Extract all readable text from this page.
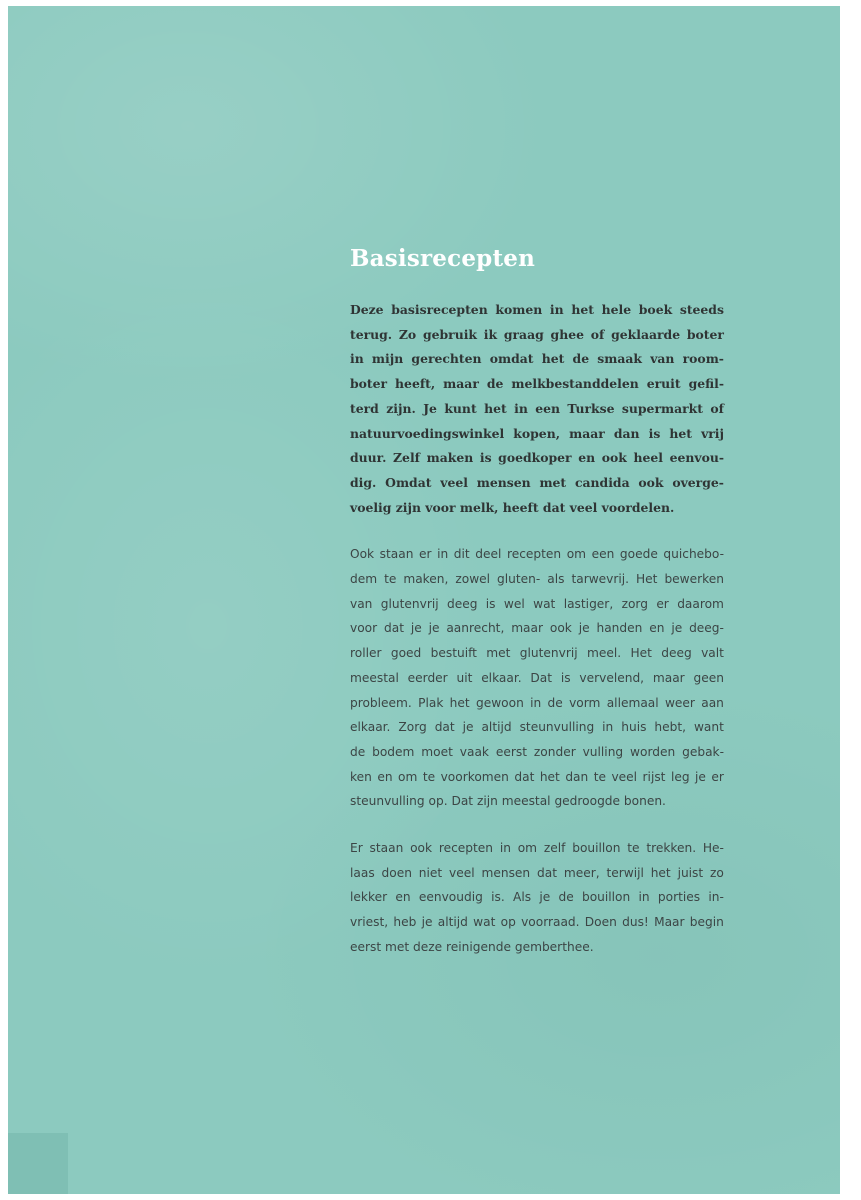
Basisrecepten
Deze basisrecepten komen in het hele boek steeds
terug. Zo gebruik ik graag ghee of geklaarde boter
in mijn gerechten omdat het de smaak van room-
boter heeft, maar de melkbestanddelen eruit gefil-
terd zijn. Je kunt het in een Turkse supermarkt of
natuurvoedingswinkel kopen, maar dan is het vrij
duur. Zelf maken is goedkoper en ook heel eenvou-
dig. Omdat veel mensen met candida ook overge-
voelig zijn voor melk, heeft dat veel voordelen.
Ook staan er in dit deel recepten om een goede quichebo-
dem te maken, zowel gluten- als tarwevrij. Het bewerken
van glutenvrij deeg is wel wat lastiger, zorg er daarom
voor dat je je aanrecht, maar ook je handen en je deeg-
roller goed bestuift met glutenvrij meel. Het deeg valt
meestal eerder uit elkaar. Dat is vervelend, maar geen
probleem. Plak het gewoon in de vorm allemaal weer aan
elkaar. Zorg dat je altijd steunvulling in huis hebt, want
de bodem moet vaak eerst zonder vulling worden gebak-
ken en om te voorkomen dat het dan te veel rijst leg je er
steunvulling op. Dat zijn meestal gedroogde bonen.
Er staan ook recepten in om zelf bouillon te trekken. He-
laas doen niet veel mensen dat meer, terwijl het juist zo
lekker en eenvoudig is. Als je de bouillon in porties in-
vriest, heb je altijd wat op voorraad. Doen dus! Maar begin
eerst met deze reinigende gemberthee.
